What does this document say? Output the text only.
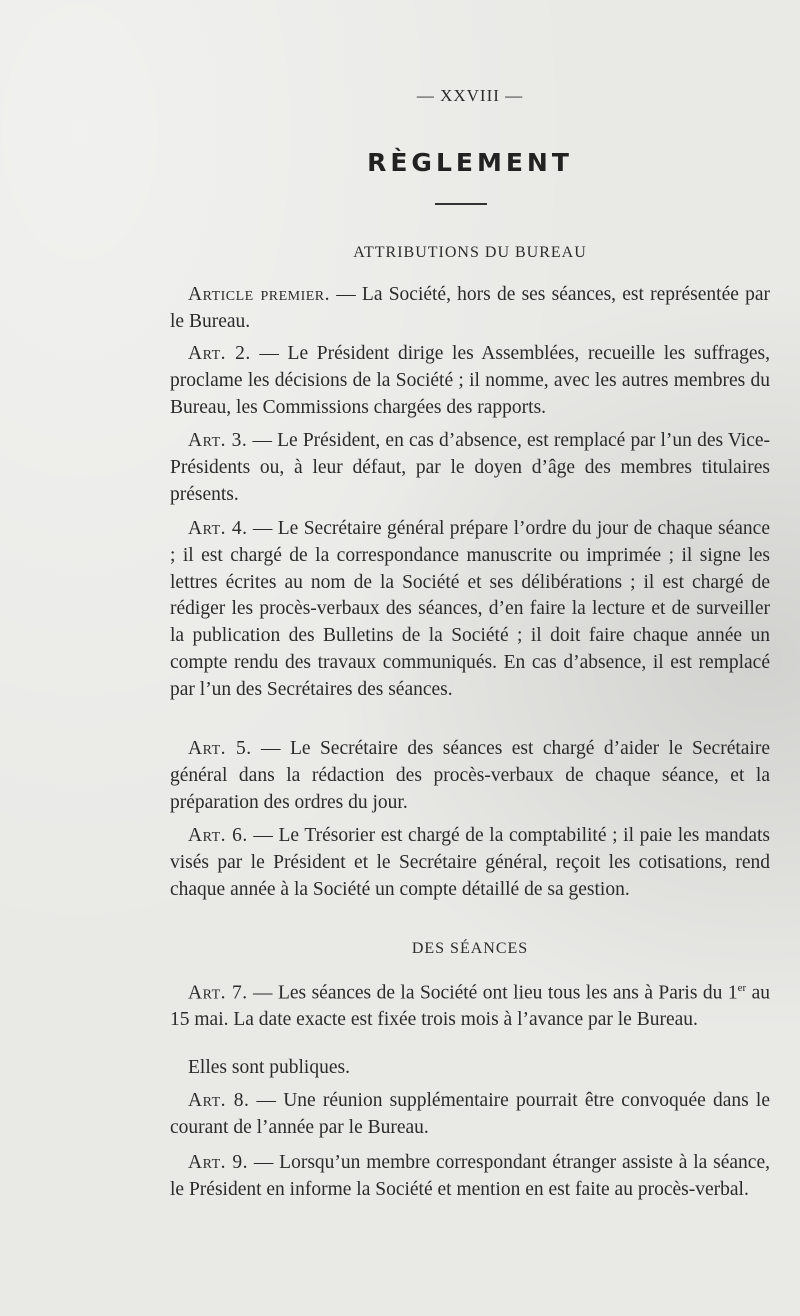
— XXVIII —
RÈGLEMENT
ATTRIBUTIONS DU BUREAU

Article premier. — La Société, hors de ses séances, est représentée par le Bureau.

Art. 2. — Le Président dirige les Assemblées, recueille les suffrages, proclame les décisions de la Société ; il nomme, avec les autres membres du Bureau, les Commissions chargées des rapports.

Art. 3. — Le Président, en cas d’absence, est remplacé par l’un des Vice-Présidents ou, à leur défaut, par le doyen d’âge des membres titulaires présents.

Art. 4. — Le Secrétaire général prépare l’ordre du jour de chaque séance ; il est chargé de la correspondance manuscrite ou imprimée ; il signe les lettres écrites au nom de la Société et ses délibérations ; il est chargé de rédiger les procès-verbaux des séances, d’en faire la lecture et de surveiller la publication des Bulletins de la Société ; il doit faire chaque année un compte rendu des travaux communiqués. En cas d’absence, il est remplacé par l’un des Secrétaires des séances.

Art. 5. — Le Secrétaire des séances est chargé d’aider le Secrétaire général dans la rédaction des procès-verbaux de chaque séance, et la préparation des ordres du jour.

Art. 6. — Le Trésorier est chargé de la comptabilité ; il paie les mandats visés par le Président et le Secrétaire général, reçoit les cotisations, rend chaque année à la Société un compte détaillé de sa gestion.

DES SÉANCES

Art. 7. — Les séances de la Société ont lieu tous les ans à Paris du 1er au 15 mai. La date exacte est fixée trois mois à l’avance par le Bureau.

Elles sont publiques.

Art. 8. — Une réunion supplémentaire pourrait être convoquée dans le courant de l’année par le Bureau.

Art. 9. — Lorsqu’un membre correspondant étranger assiste à la séance, le Président en informe la Société et mention en est faite au procès-verbal.
